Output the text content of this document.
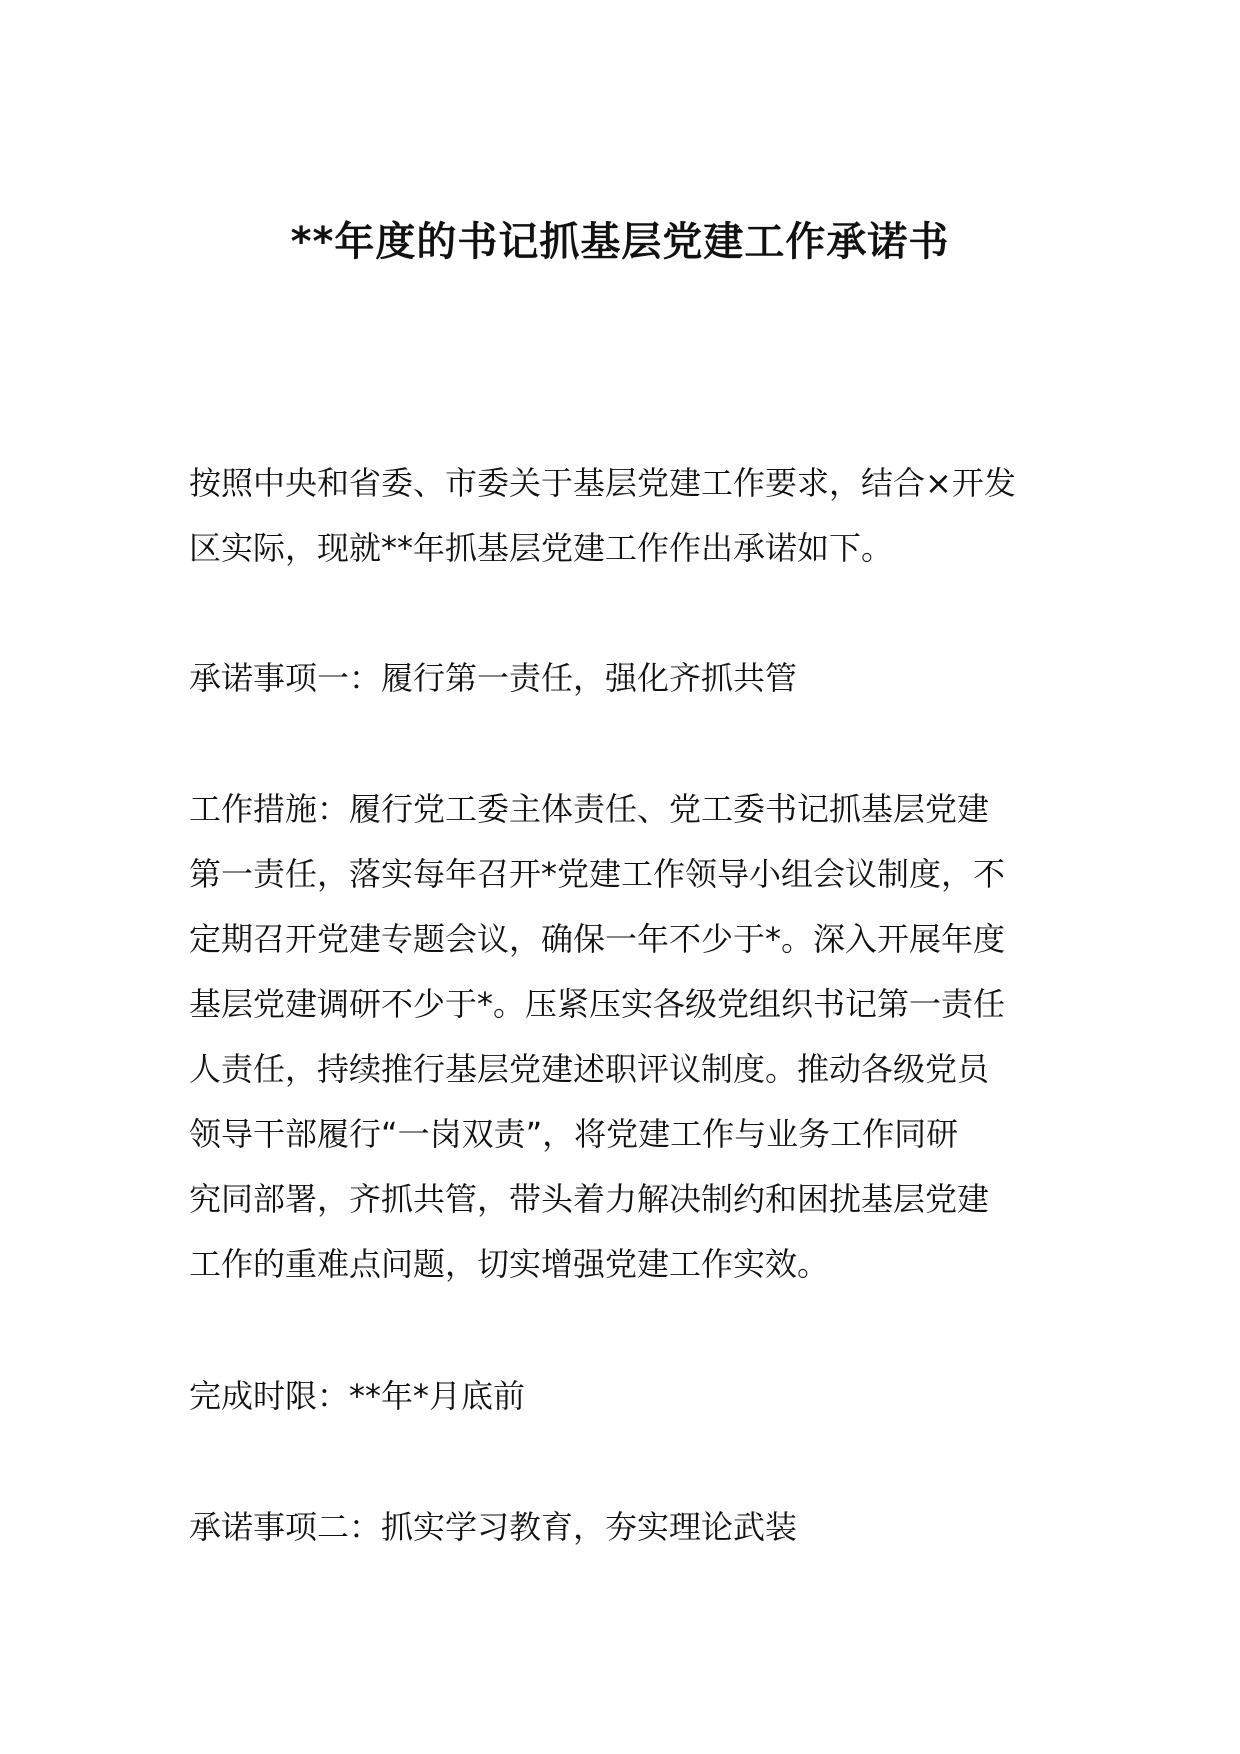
**年度的书记抓基层党建工作承诺书
按照中央和省委、市委关于基层党建工作要求，结合×开发
区实际，现就**年抓基层党建工作作出承诺如下。
承诺事项一：履行第一责任，强化齐抓共管
工作措施：履行党工委主体责任、党工委书记抓基层党建
第一责任，落实每年召开*党建工作领导小组会议制度，不
定期召开党建专题会议，确保一年不少于*。深入开展年度
基层党建调研不少于*。压紧压实各级党组织书记第一责任
人责任，持续推行基层党建述职评议制度。推动各级党员
领导干部履行“一岗双责”，将党建工作与业务工作同研
究同部署，齐抓共管，带头着力解决制约和困扰基层党建
工作的重难点问题，切实增强党建工作实效。
完成时限：**年*月底前
承诺事项二：抓实学习教育，夯实理论武装
